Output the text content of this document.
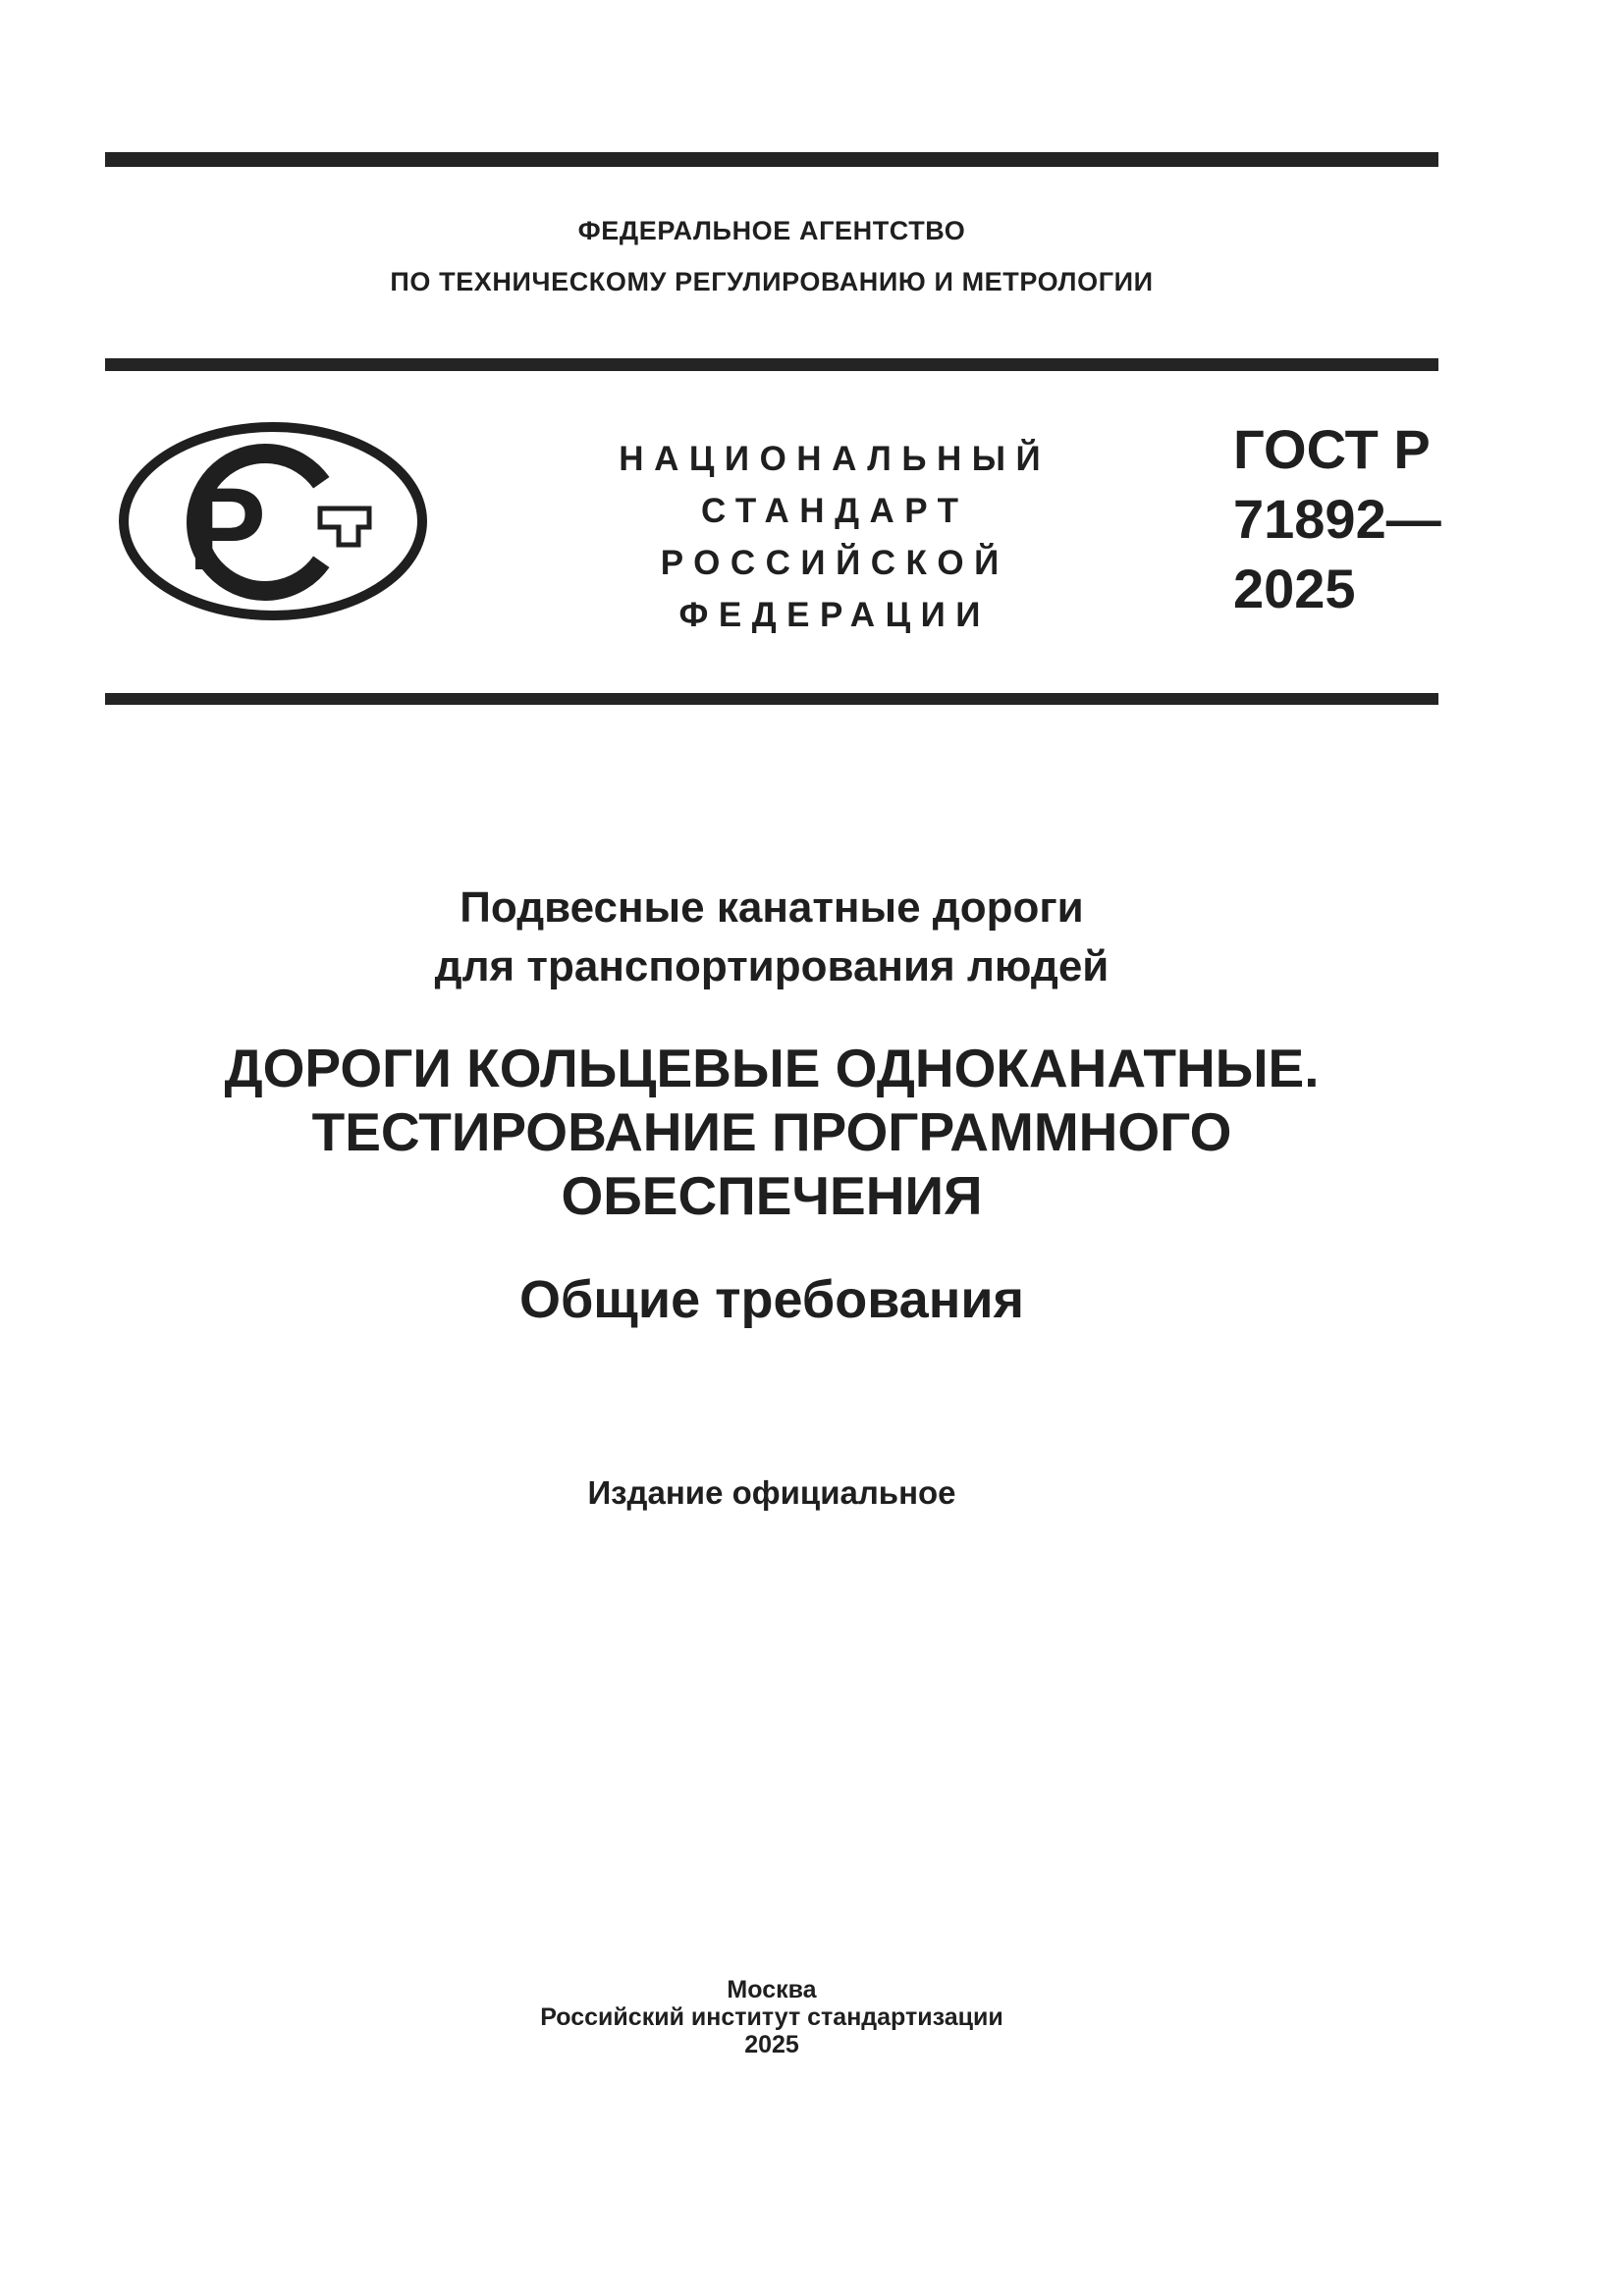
ФЕДЕРАЛЬНОЕ АГЕНТСТВО
ПО ТЕХНИЧЕСКОМУ РЕГУЛИРОВАНИЮ И МЕТРОЛОГИИ
Р
НАЦИОНАЛЬНЫЙ
СТАНДАРТ
РОССИЙСКОЙ
ФЕДЕРАЦИИ
ГОСТ Р
71892—
2025
Подвесные канатные дороги
для транспортирования людей
ДОРОГИ КОЛЬЦЕВЫЕ ОДНОКАНАТНЫЕ.
ТЕСТИРОВАНИЕ ПРОГРАММНОГО
ОБЕСПЕЧЕНИЯ
Общие требования
Издание официальное
Москва
Российский институт стандартизации
2025
